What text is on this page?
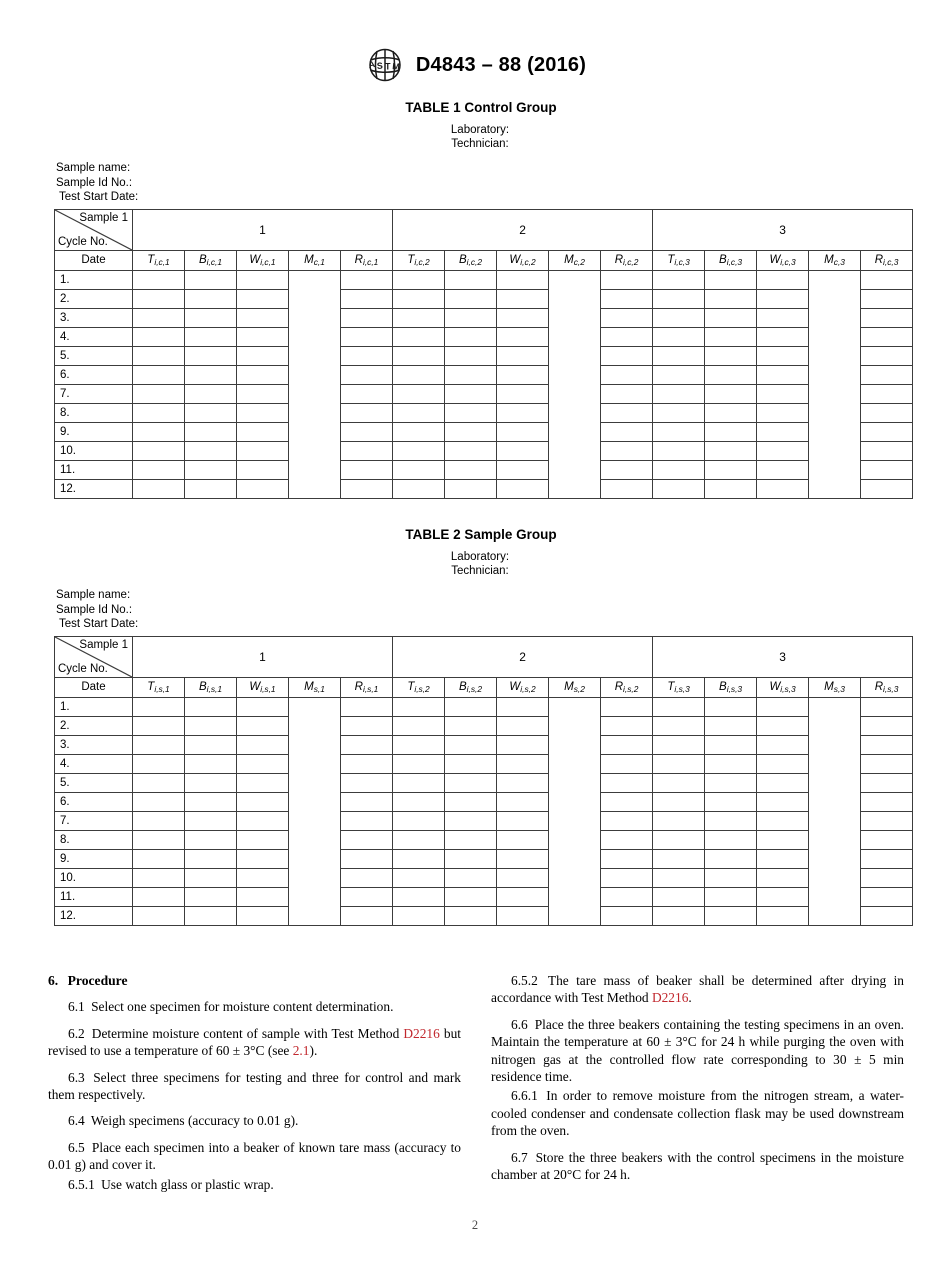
A S T M D4843 – 88 (2016)
TABLE 1 Control Group
Laboratory:
Technician:
Sample name:
Sample Id No.:
Test Start Date:
Sample 1
Cycle No.	1					2					3				
Date	Ti,c,1	Bi,c,1	Wi,c,1	Mc,1	Ri,c,1	Ti,c,2	Bi,c,2	Wi,c,2	Mc,2	Ri,c,2	Ti,c,3	Bi,c,3	Wi,c,3	Mc,3	Ri,c,3
1.															
2.															
3.															
4.															
5.															
6.															
7.															
8.															
9.															
10.															
11.															
12.															
TABLE 2 Sample Group
Laboratory:
Technician:
Sample name:
Sample Id No.:
Test Start Date:
Sample 1
Cycle No.	1					2					3				
Date	Ti,s,1	Bi,s,1	Wi,s,1	Ms,1	Ri,s,1	Ti,s,2	Bi,s,2	Wi,s,2	Ms,2	Ri,s,2	Ti,s,3	Bi,s,3	Wi,s,3	Ms,3	Ri,s,3
1.															
2.															
3.															
4.															
5.															
6.															
7.															
8.															
9.															
10.															
11.															
12.															
6. Procedure
6.1 Select one specimen for moisture content determination.
6.2 Determine moisture content of sample with Test Method D2216 but revised to use a temperature of 60 ± 3°C (see 2.1).
6.3 Select three specimens for testing and three for control and mark them respectively.
6.4 Weigh specimens (accuracy to 0.01 g).
6.5 Place each specimen into a beaker of known tare mass (accuracy to 0.01 g) and cover it.
6.5.1 Use watch glass or plastic wrap.
6.5.2 The tare mass of beaker shall be determined after drying in accordance with Test Method D2216.
6.6 Place the three beakers containing the testing specimens in an oven. Maintain the temperature at 60 ± 3°C for 24 h while purging the oven with nitrogen gas at the controlled flow rate corresponding to 30 ± 5 min residence time.
6.6.1 In order to remove moisture from the nitrogen stream, a water-cooled condenser and condensate collection flask may be used downstream from the oven.
6.7 Store the three beakers with the control specimens in the moisture chamber at 20°C for 24 h.
2
